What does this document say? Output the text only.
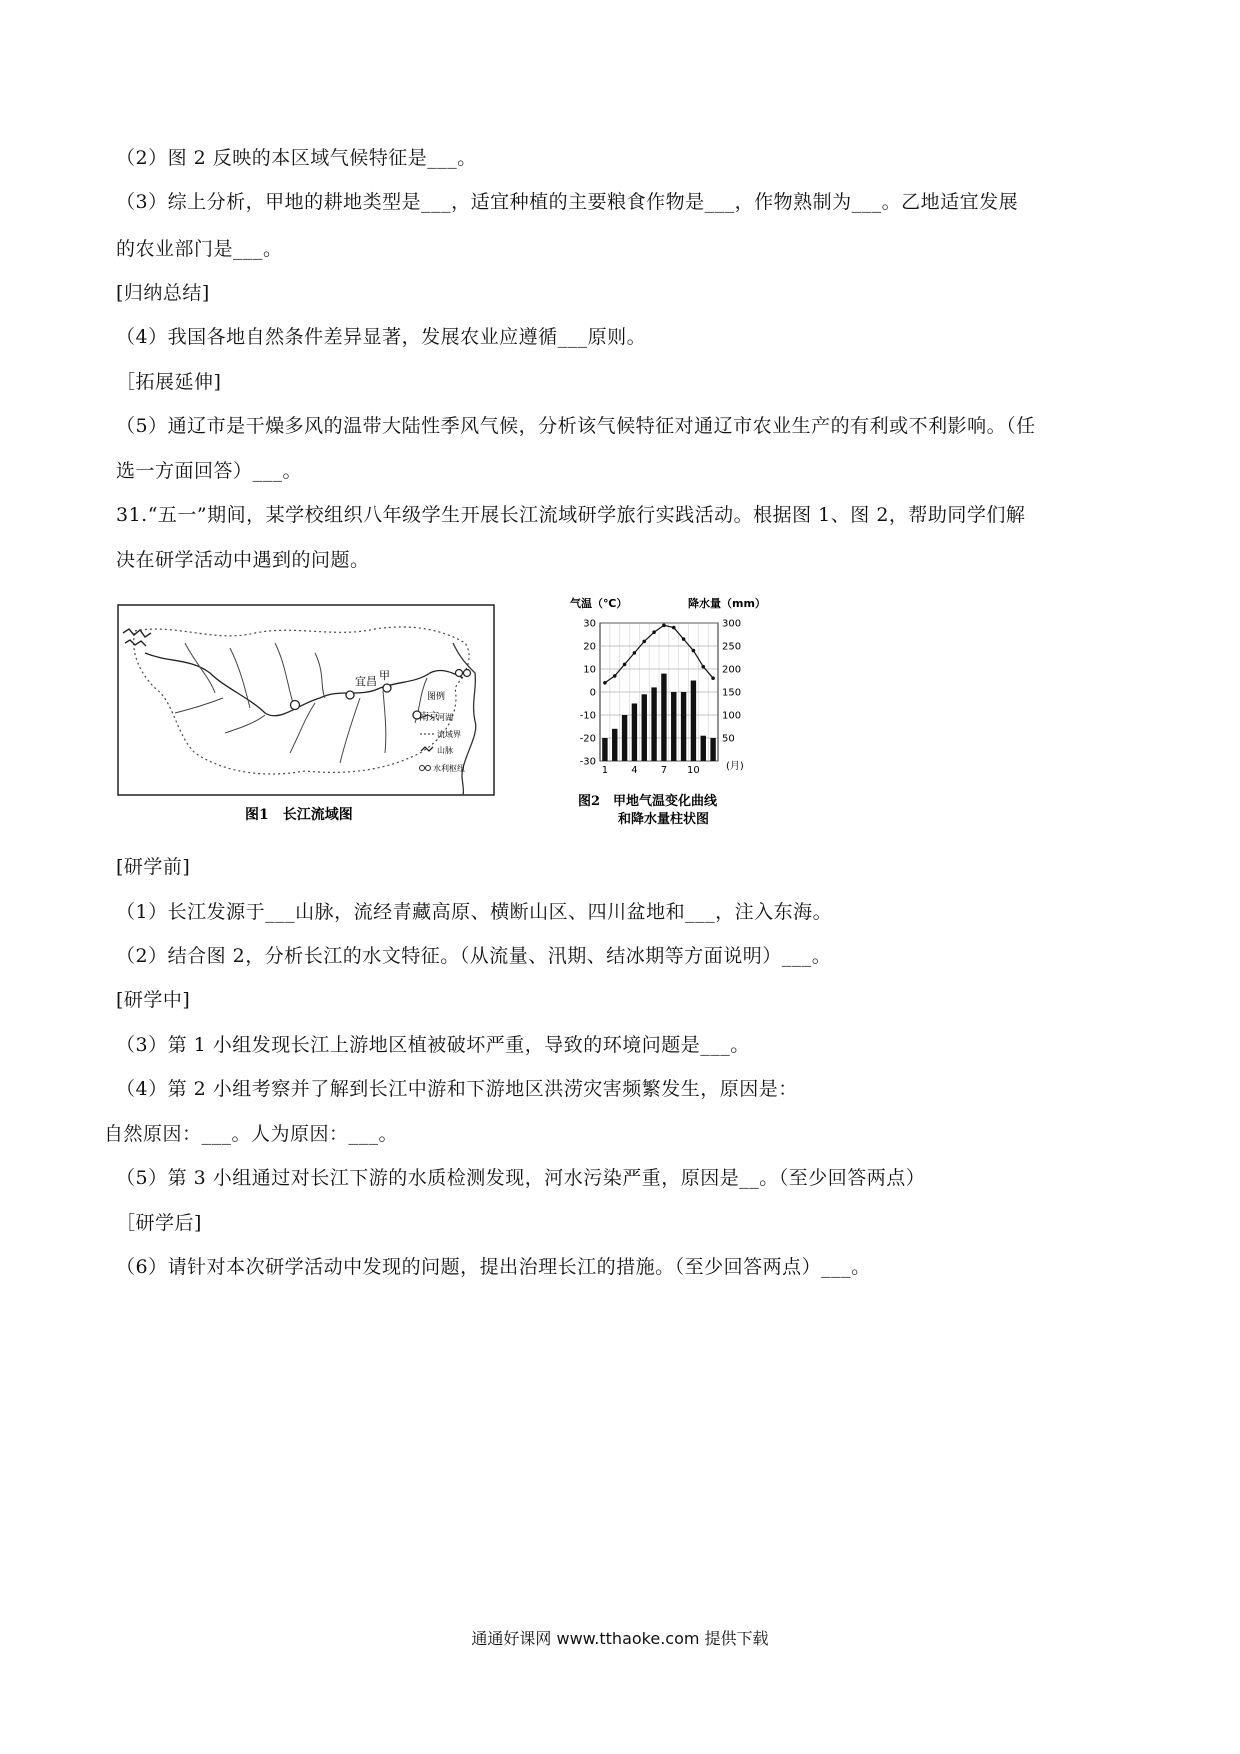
（2）图 2 反映的本区域气候特征是___。
（3）综上分析，甲地的耕地类型是___，适宜种植的主要粮食作物是___，作物熟制为___。乙地适宜发展
的农业部门是___。
[归纳总结]
（4）我国各地自然条件差异显著，发展农业应遵循___原则。
［拓展延伸]
（5）通辽市是干燥多风的温带大陆性季风气候，分析该气候特征对通辽市农业生产的有利或不利影响。（任
选一方面回答）___。
31.“五一”期间，某学校组织八年级学生开展长江流域研学旅行实践活动。根据图 1、图 2，帮助同学们解
决在研学活动中遇到的问题。
宜昌 甲
南京
图例
河湖
流域界
山脉
水利枢纽
图1　长江流域图
气温（℃）	降水量（mm）
30
20
10
0
-10
-20
-30
300
250
200
150
100
50
1 4 7 10	(月)
图2　甲地气温变化曲线
和降水量柱状图
[研学前]
（1）长江发源于___山脉，流经青藏高原、横断山区、四川盆地和___，注入东海。
（2）结合图 2，分析长江的水文特征。（从流量、汛期、结冰期等方面说明）___。
[研学中]
（3）第 1 小组发现长江上游地区植被破坏严重，导致的环境问题是___。
（4）第 2 小组考察并了解到长江中游和下游地区洪涝灾害频繁发生，原因是：
自然原因：___。人为原因：___。
（5）第 3 小组通过对长江下游的水质检测发现，河水污染严重，原因是__。（至少回答两点）
［研学后]
（6）请针对本次研学活动中发现的问题，提出治理长江的措施。（至少回答两点）___。
通通好课网 www.tthaoke.com 提供下载
